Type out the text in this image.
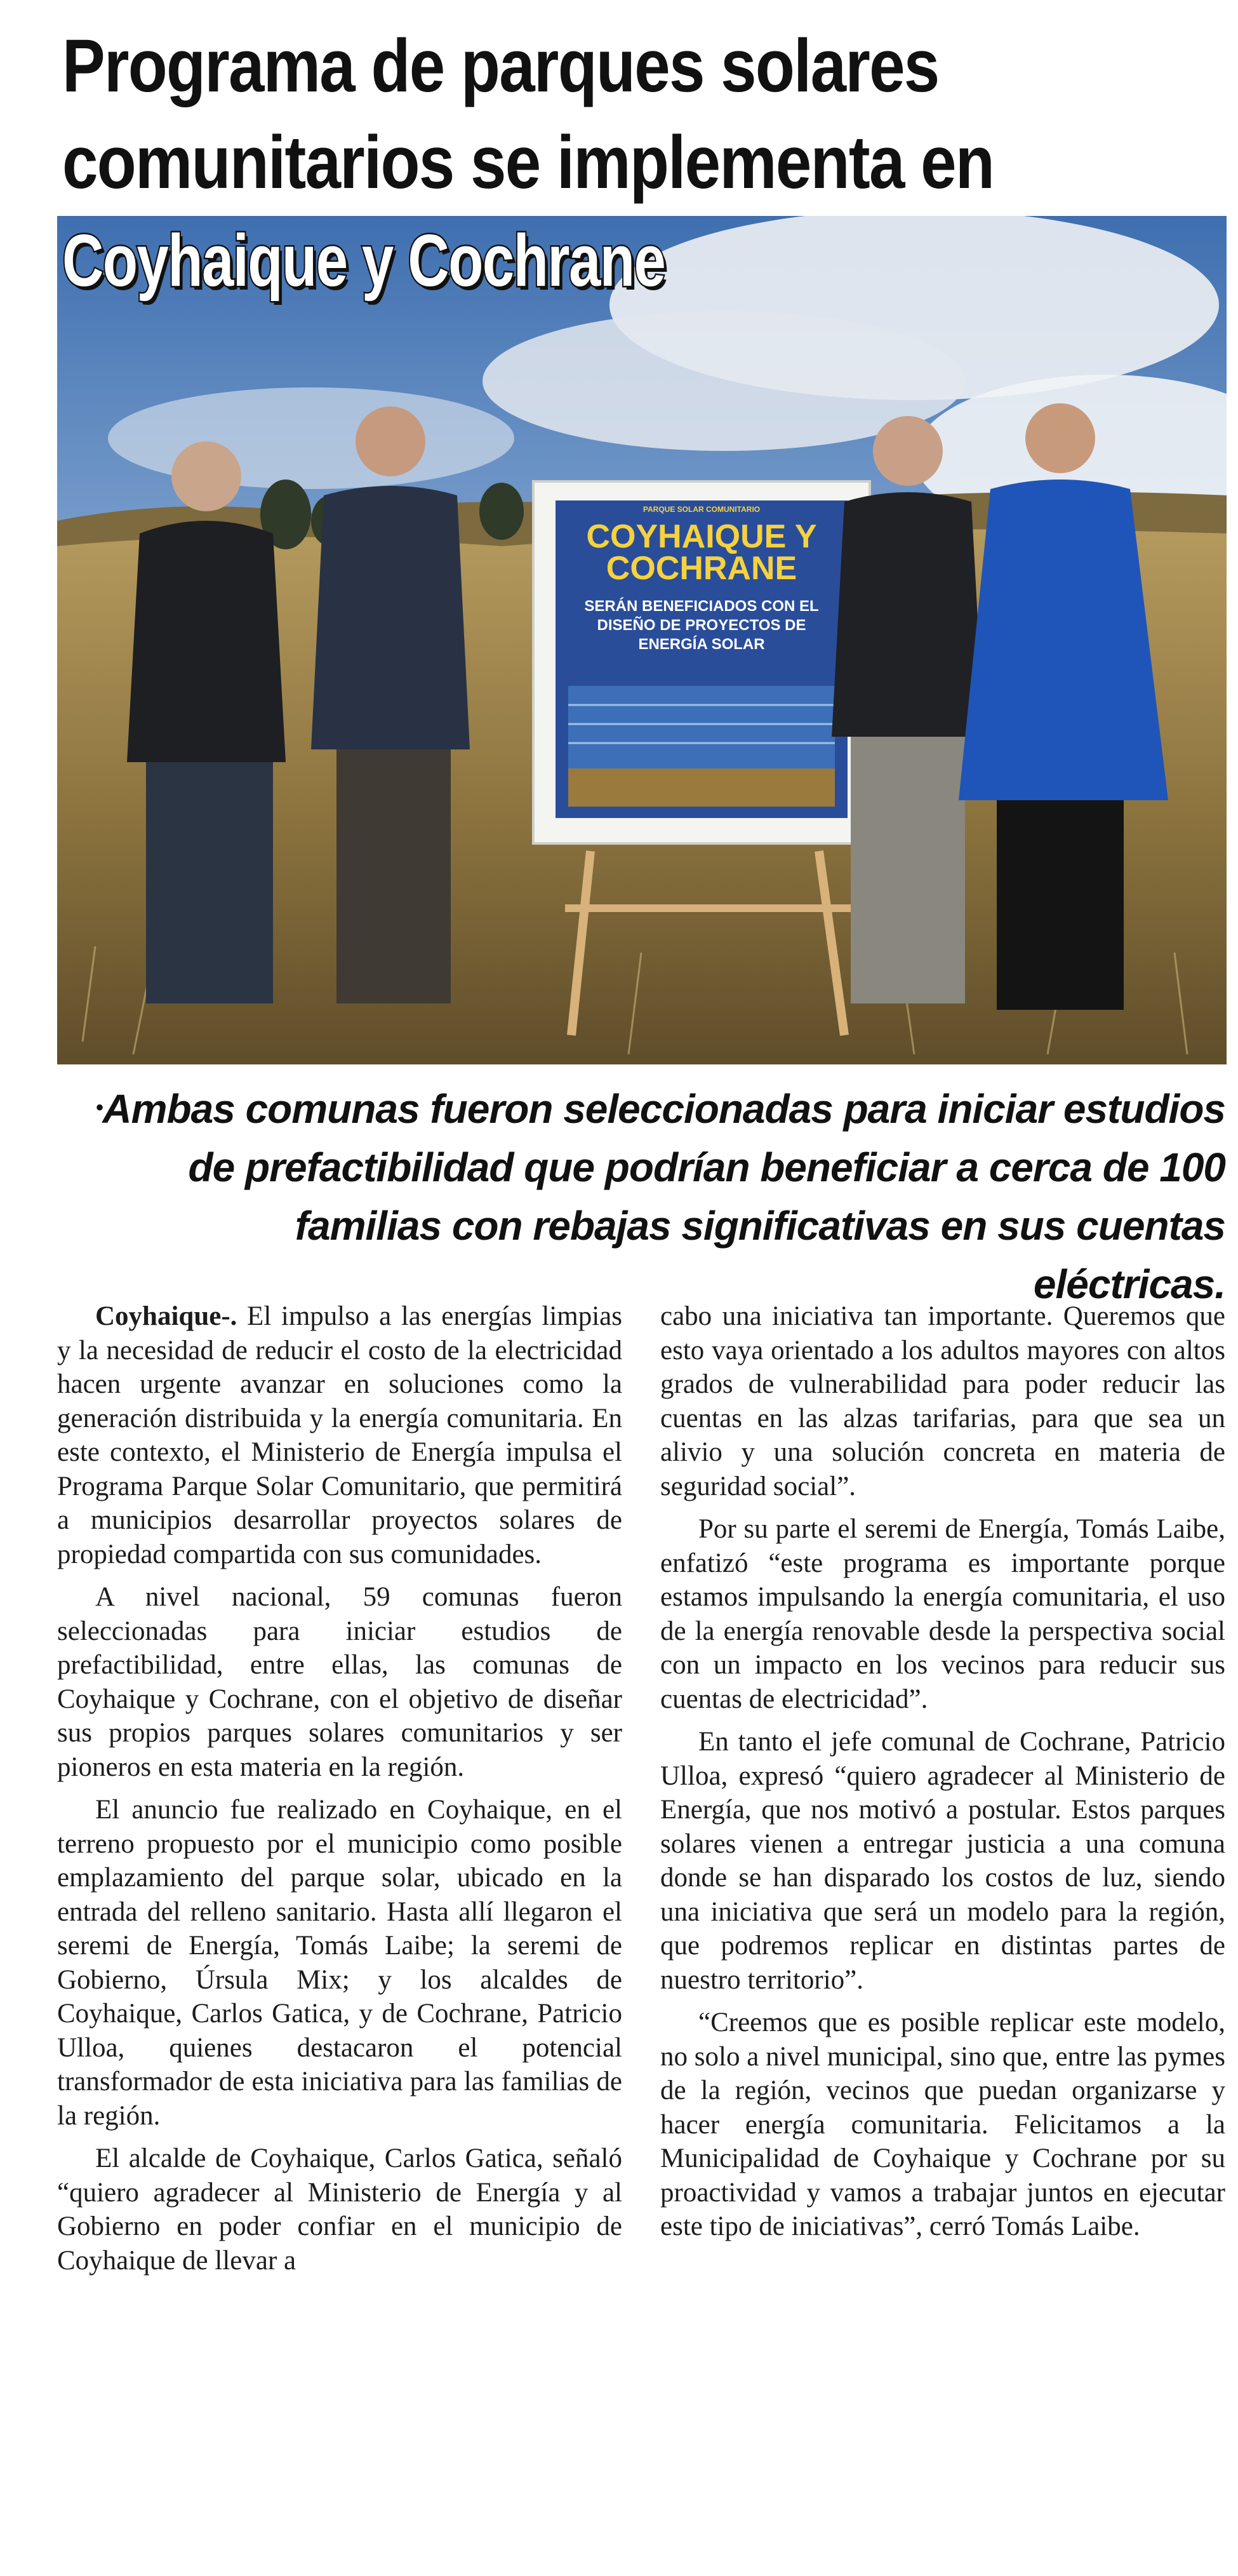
Programa de parques solares
comunitarios se implementa en
Coyhaique y Cochrane
PARQUE SOLAR COMUNITARIO
COYHAIQUE Y
COCHRANE
SERÁN BENEFICIADOS CON EL
DISEÑO DE PROYECTOS DE
ENERGÍA SOLAR
•
Ambas comunas fueron seleccionadas para iniciar estudios de prefactibilidad que podrían beneficiar a cerca de 100 familias con rebajas significativas en sus cuentas eléctricas.

Coyhaique-. El impulso a las energías limpias y la necesidad de reducir el costo de la electricidad hacen urgente avanzar en soluciones como la generación distribuida y la energía comunitaria. En este contexto, el Ministerio de Energía impulsa el Programa Parque Solar Comunitario, que permitirá a municipios desarrollar proyectos solares de propiedad compartida con sus comunidades.

A nivel nacional, 59 comunas fueron seleccionadas para iniciar estudios de prefactibilidad, entre ellas, las comunas de Coyhaique y Cochrane, con el objetivo de diseñar sus propios parques solares comunitarios y ser pioneros en esta materia en la región.

El anuncio fue realizado en Coyhaique, en el terreno propuesto por el municipio como posible emplazamiento del parque solar, ubicado en la entrada del relleno sanitario. Hasta allí llegaron el seremi de Energía, Tomás Laibe; la seremi de Gobierno, Úrsula Mix; y los alcaldes de Coyhaique, Carlos Gatica, y de Cochrane, Patricio Ulloa, quienes destacaron el potencial transformador de esta iniciativa para las familias de la región.

El alcalde de Coyhaique, Carlos Gatica, señaló “quiero agradecer al Ministerio de Energía y al Gobierno en poder confiar en el municipio de Coyhaique de llevar a

cabo una iniciativa tan importante. Queremos que esto vaya orientado a los adultos mayores con altos grados de vulnerabilidad para poder reducir las cuentas en las alzas tarifarias, para que sea un alivio y una solución concreta en materia de seguridad social”.

Por su parte el seremi de Energía, Tomás Laibe, enfatizó “este programa es importante porque estamos impulsando la energía comunitaria, el uso de la energía renovable desde la perspectiva social con un impacto en los vecinos para reducir sus cuentas de electricidad”.

En tanto el jefe comunal de Cochrane, Patricio Ulloa, expresó “quiero agradecer al Ministerio de Energía, que nos motivó a postular. Estos parques solares vienen a entregar justicia a una comuna donde se han disparado los costos de luz, siendo una iniciativa que será un modelo para la región, que podremos replicar en distintas partes de nuestro territorio”.

“Creemos que es posible replicar este modelo, no solo a nivel municipal, sino que, entre las pymes de la región, vecinos que puedan organizarse y hacer energía comunitaria. Felicitamos a la Municipalidad de Coyhaique y Cochrane por su proactividad y vamos a trabajar juntos en ejecutar este tipo de iniciativas”, cerró Tomás Laibe.
